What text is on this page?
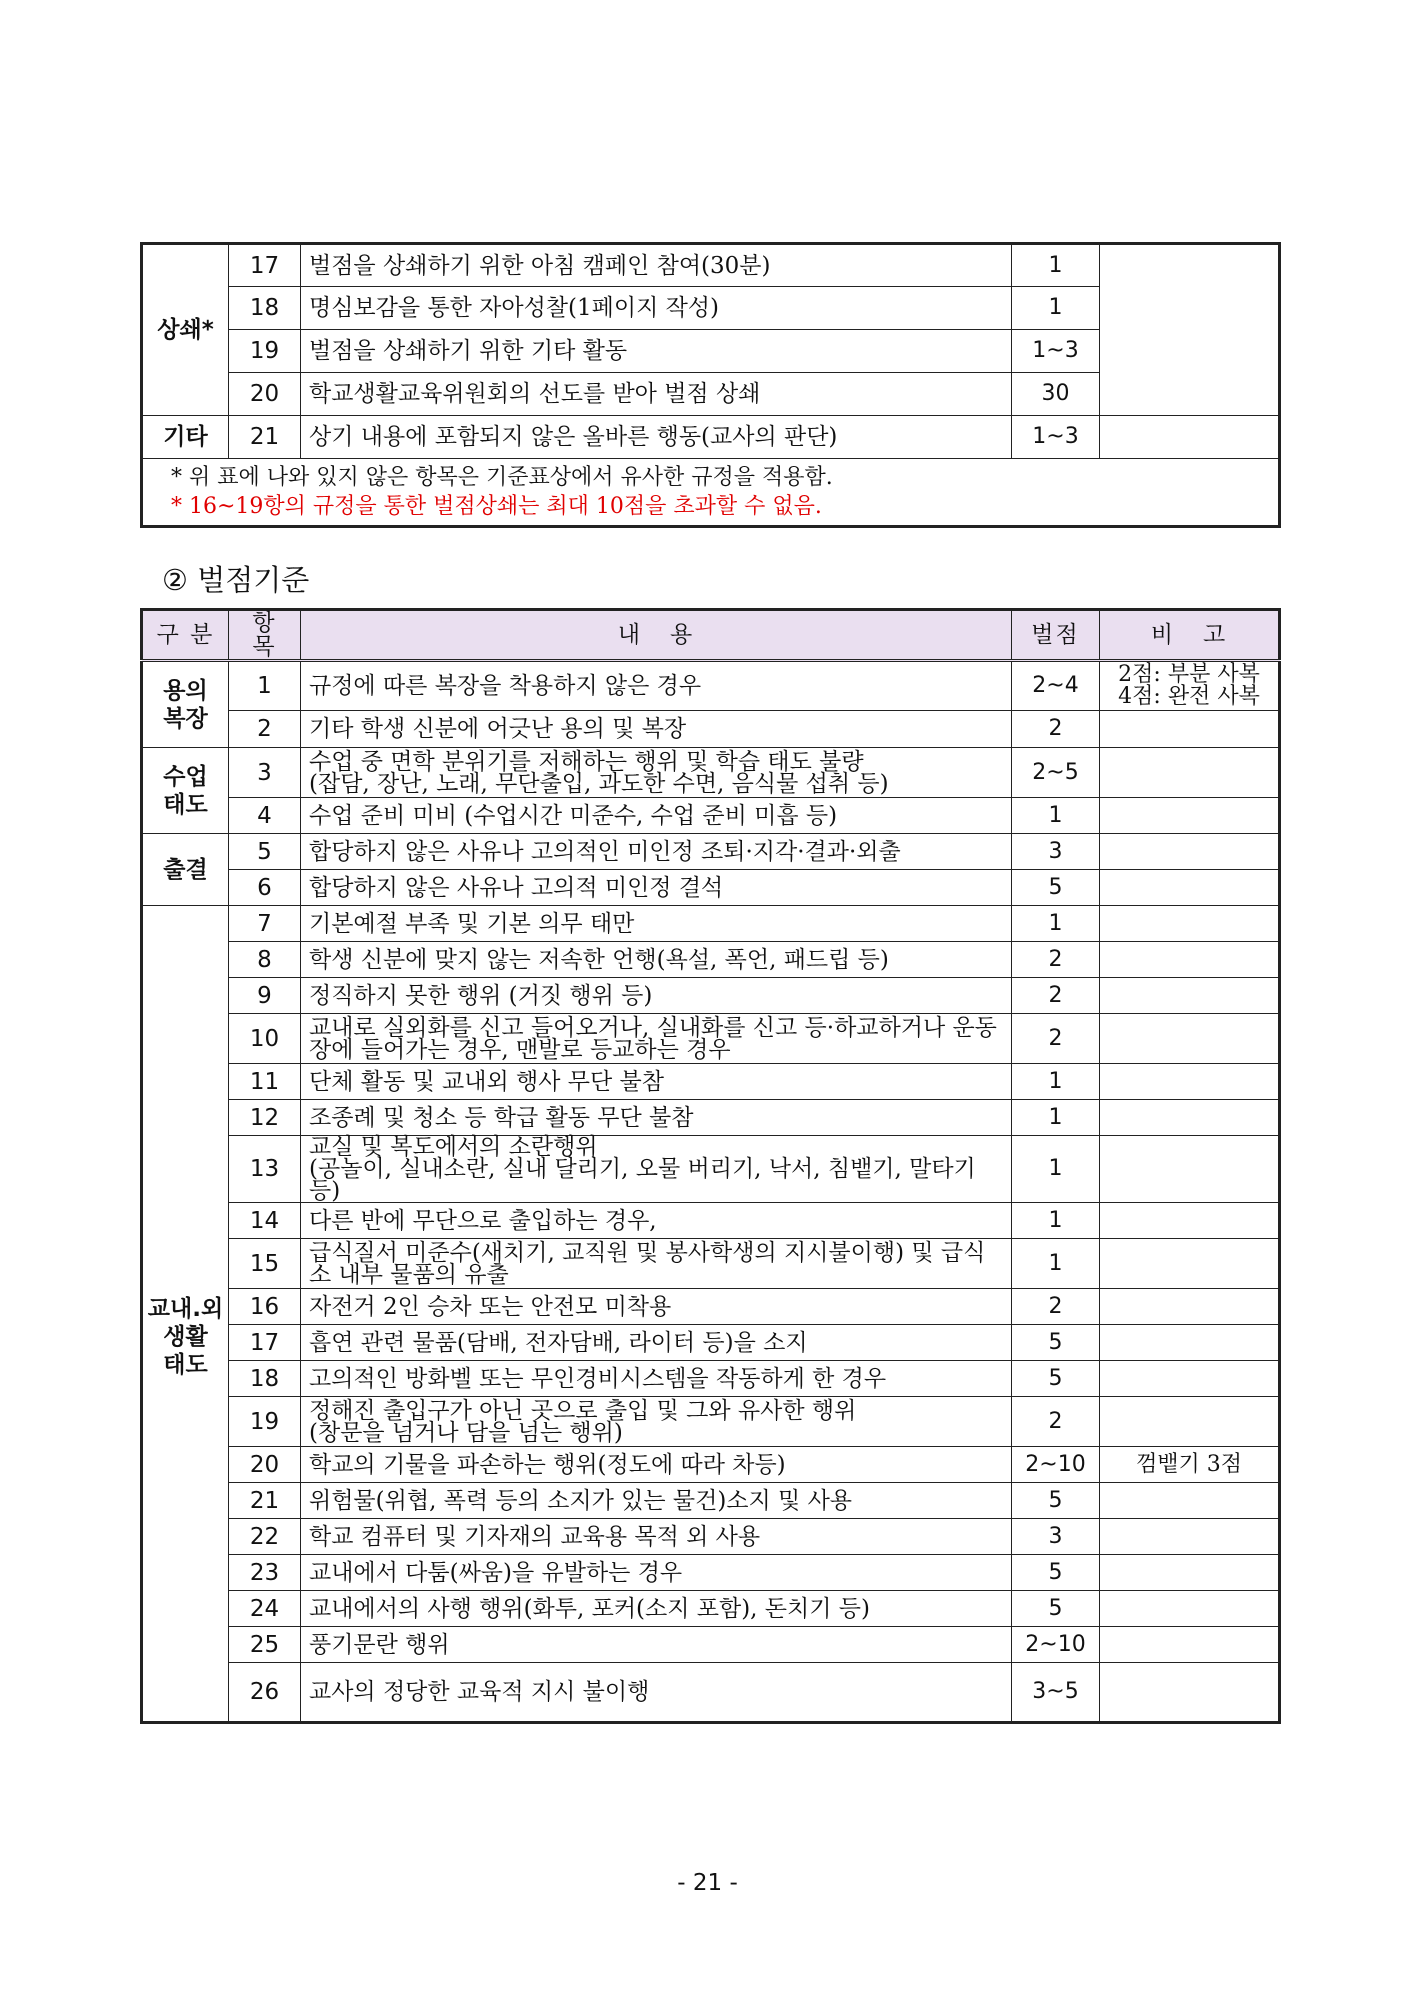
상쇄*	17	벌점을 상쇄하기 위한 아침 캠페인 참여(30분)	1	
	18	명심보감을 통한 자아성찰(1페이지 작성)	1	
	19	벌점을 상쇄하기 위한 기타 활동	1~3	
	20	학교생활교육위원회의 선도를 받아 벌점 상쇄	30	
기타	21	상기 내용에 포함되지 않은 올바른 행동(교사의 판단)	1~3	

* 위 표에 나와 있지 않은 항목은 기준표상에서 유사한 규정을 적용함.
* 16~19항의 규정을 통한 벌점상쇄는 최대 10점을 초과할 수 없음.				
② 벌점기준
구 분	항 목	내   용	벌점	비   고
용의
복장	1	규정에 따른 복장을 착용하지 않은 경우	2~4	2점: 부분 사복
4점: 완전 사복
	2	기타 학생 신분에 어긋난 용의 및 복장	2	
수업
태도	3	수업 중 면학 분위기를 저해하는 행위 및 학습 태도 불량
(잡담, 장난, 노래, 무단출입, 과도한 수면, 음식물 섭취 등)	2~5	
	4	수업 준비 미비 (수업시간 미준수, 수업 준비 미흡 등)	1	
출결	5	합당하지 않은 사유나 고의적인 미인정 조퇴·지각·결과·외출	3	
	6	합당하지 않은 사유나 고의적 미인정 결석	5	
교내.외
생활
태도	7	기본예절 부족 및 기본 의무 태만	1	
	8	학생 신분에 맞지 않는 저속한 언행(욕설, 폭언, 패드립 등)	2	
	9	정직하지 못한 행위 (거짓 행위 등)	2	
	10	교내로 실외화를 신고 들어오거나, 실내화를 신고 등·하교하거나 운동장에 들어가는 경우, 맨발로 등교하는 경우	2	
	11	단체 활동 및 교내외 행사 무단 불참	1	
	12	조종례 및 청소 등 학급 활동 무단 불참	1	
	13	교실 및 복도에서의 소란행위
(공놀이, 실내소란, 실내 달리기, 오물 버리기, 낙서, 침뱉기, 말타기 등)	1	
	14	다른 반에 무단으로 출입하는 경우,	1	
	15	급식질서 미준수(새치기, 교직원 및 봉사학생의 지시불이행) 및 급식소 내부 물품의 유출	1	
	16	자전거 2인 승차 또는 안전모 미착용	2	
	17	흡연 관련 물품(담배, 전자담배, 라이터 등)을 소지	5	
	18	고의적인 방화벨 또는 무인경비시스템을 작동하게 한 경우	5	
	19	정해진 출입구가 아닌 곳으로 출입 및 그와 유사한 행위
(창문을 넘거나 담을 넘는 행위)	2	
	20	학교의 기물을 파손하는 행위(정도에 따라 차등)	2~10	껌뱉기 3점
	21	위험물(위협, 폭력 등의 소지가 있는 물건)소지 및 사용	5	
	22	학교 컴퓨터 및 기자재의 교육용 목적 외 사용	3	
	23	교내에서 다툼(싸움)을 유발하는 경우	5	
	24	교내에서의 사행 행위(화투, 포커(소지 포함), 돈치기 등)	5	
	25	풍기문란 행위	2~10	
	26	교사의 정당한 교육적 지시 불이행	3~5	
- 21 -
